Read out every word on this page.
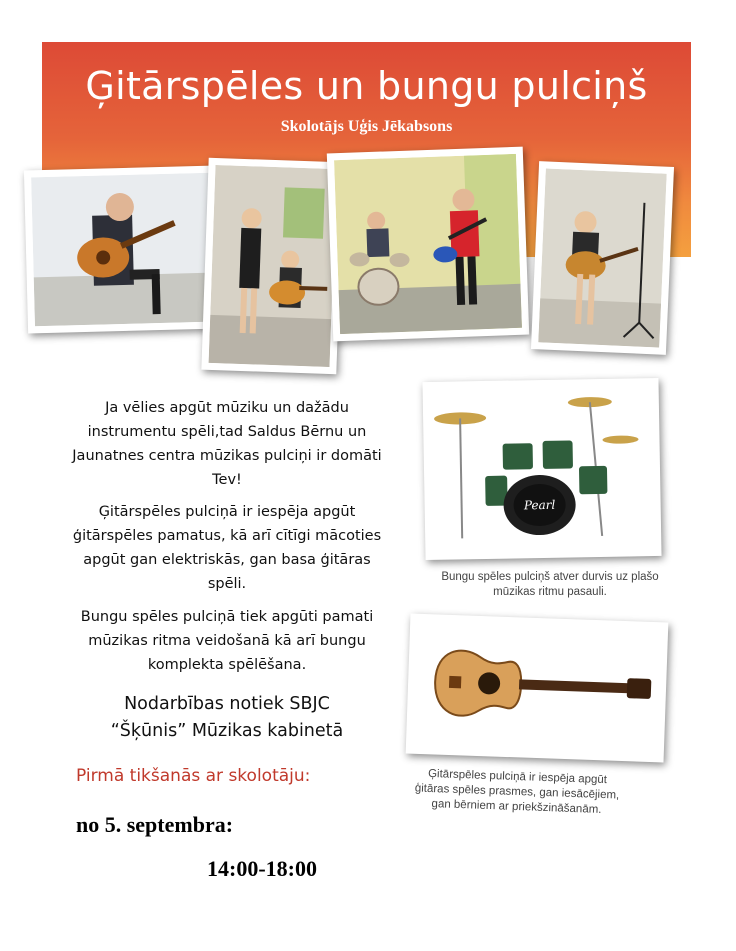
Ģitārspēles un bungu pulciņš
Skolotājs Uģis Jēkabsons

Ja vēlies apgūt mūziku un dažādu instrumentu spēli,tad Saldus Bērnu un Jaunatnes centra mūzikas pulciņi ir domāti Tev!

Ģitārspēles pulciņā ir iespēja apgūt ģitārspēles pamatus, kā arī cītīgi mācoties apgūt gan elektriskās, gan basa ģitāras spēli.

Bungu spēles pulciņā tiek apgūti pamati mūzikas ritma veidošanā kā arī bungu komplekta spēlēšana.

Nodarbības notiek SBJC
“Šķūnis” Mūzikas kabinetā
Pirmā tikšanās ar skolotāju:
no 5. septembra:
14:00-18:00
Pearl
Bungu spēles pulciņš atver durvis uz plašo mūzikas ritmu pasauli.
Ģitārspēles pulciņā ir iespēja apgūt ģitāras spēles prasmes, gan iesācējiem, gan bērniem ar priekšzināšanām.
